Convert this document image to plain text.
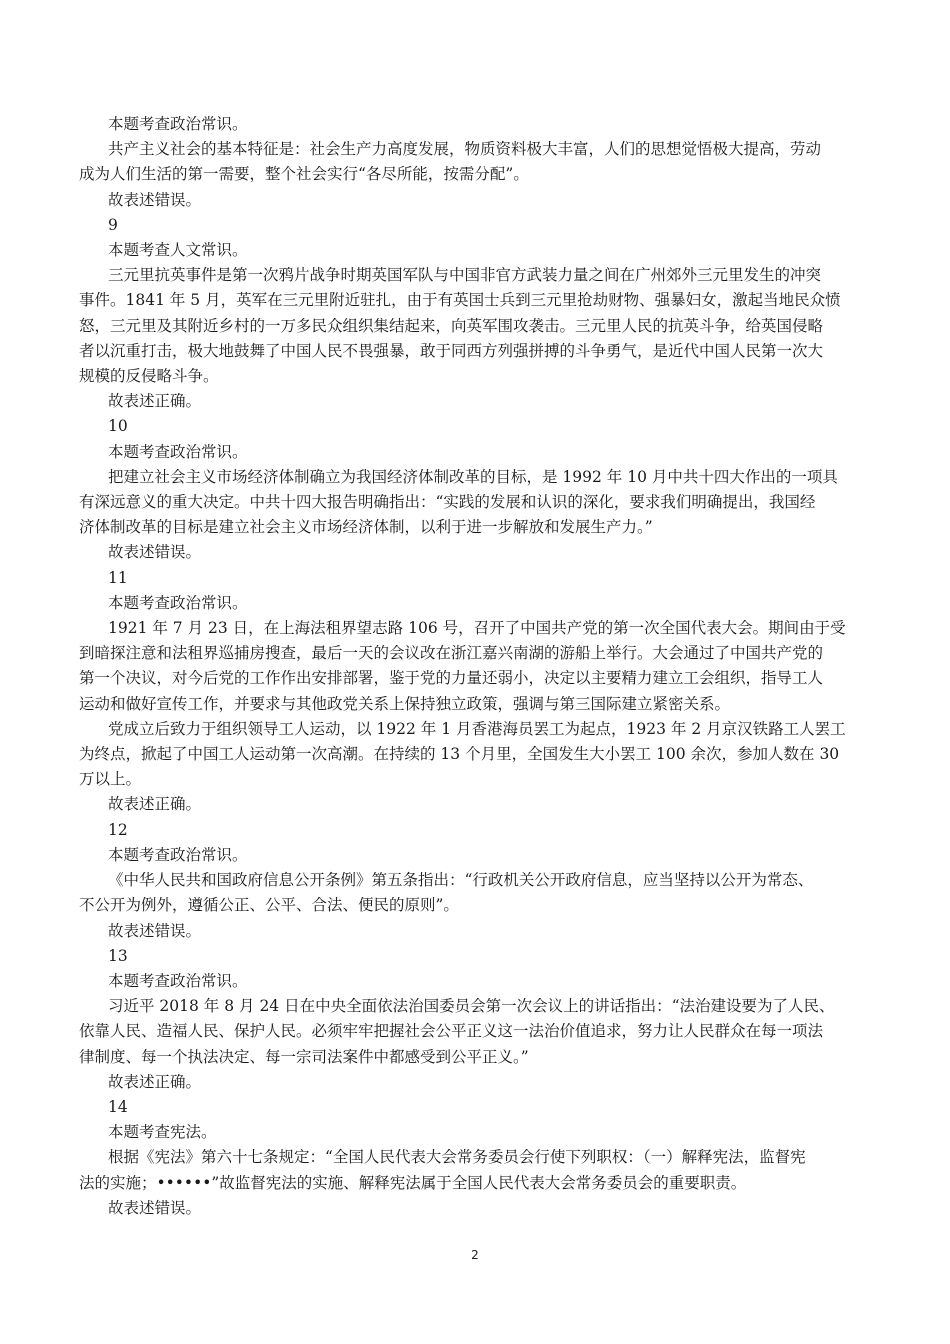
本题考查政治常识。

共产主义社会的基本特征是：社会生产力高度发展，物质资料极大丰富，人们的思想觉悟极大提高，劳动

成为人们生活的第一需要，整个社会实行“各尽所能，按需分配”。

故表述错误。

9

本题考查人文常识。

三元里抗英事件是第一次鸦片战争时期英国军队与中国非官方武装力量之间在广州郊外三元里发生的冲突

事件。1841 年 5 月，英军在三元里附近驻扎，由于有英国士兵到三元里抢劫财物、强暴妇女，激起当地民众愤

怒，三元里及其附近乡村的一万多民众组织集结起来，向英军围攻袭击。三元里人民的抗英斗争，给英国侵略

者以沉重打击，极大地鼓舞了中国人民不畏强暴，敢于同西方列强拼搏的斗争勇气，是近代中国人民第一次大

规模的反侵略斗争。

故表述正确。

10

本题考查政治常识。

把建立社会主义市场经济体制确立为我国经济体制改革的目标，是 1992 年 10 月中共十四大作出的一项具

有深远意义的重大决定。中共十四大报告明确指出：“实践的发展和认识的深化，要求我们明确提出，我国经

济体制改革的目标是建立社会主义市场经济体制，以利于进一步解放和发展生产力。”

故表述错误。

11

本题考查政治常识。

1921 年 7 月 23 日，在上海法租界望志路 106 号，召开了中国共产党的第一次全国代表大会。期间由于受

到暗探注意和法租界巡捕房搜查，最后一天的会议改在浙江嘉兴南湖的游船上举行。大会通过了中国共产党的

第一个决议，对今后党的工作作出安排部署，鉴于党的力量还弱小，决定以主要精力建立工会组织，指导工人

运动和做好宣传工作，并要求与其他政党关系上保持独立政策，强调与第三国际建立紧密关系。

党成立后致力于组织领导工人运动，以 1922 年 1 月香港海员罢工为起点，1923 年 2 月京汉铁路工人罢工

为终点，掀起了中国工人运动第一次高潮。在持续的 13 个月里，全国发生大小罢工 100 余次，参加人数在 30

万以上。

故表述正确。

12

本题考查政治常识。

《中华人民共和国政府信息公开条例》第五条指出：“行政机关公开政府信息，应当坚持以公开为常态、

不公开为例外，遵循公正、公平、合法、便民的原则”。

故表述错误。

13

本题考查政治常识。

习近平 2018 年 8 月 24 日在中央全面依法治国委员会第一次会议上的讲话指出：“法治建设要为了人民、

依靠人民、造福人民、保护人民。必须牢牢把握社会公平正义这一法治价值追求，努力让人民群众在每一项法

律制度、每一个执法决定、每一宗司法案件中都感受到公平正义。”

故表述正确。

14

本题考查宪法。

根据《宪法》第六十七条规定：“全国人民代表大会常务委员会行使下列职权：（一）解释宪法，监督宪

法的实施；••••••”故监督宪法的实施、解释宪法属于全国人民代表大会常务委员会的重要职责。

故表述错误。

2
